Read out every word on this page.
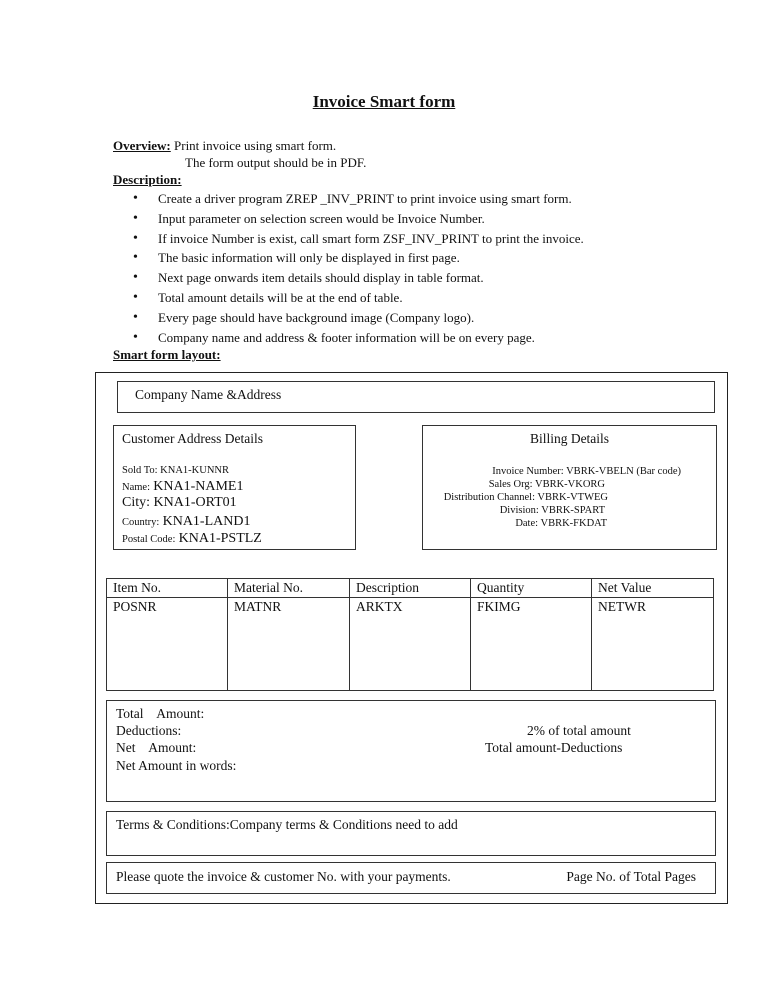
Invoice Smart form
Overview: Print invoice using smart form.
The form output should be in PDF.
Description:
• Create a driver program ZREP _INV_PRINT to print invoice using smart form.
• Input parameter on selection screen would be Invoice Number.
• If invoice Number is exist, call smart form ZSF_INV_PRINT to print the invoice.
• The basic information will only be displayed in first page.
• Next page onwards item details should display in table format.
• Total amount details will be at the end of table.
• Every page should have background image (Company logo).
• Company name and address & footer information will be on every page.
Smart form layout:
Company Name &Address
Customer Address Details
Sold To: KNA1-KUNNR
Name: KNA1-NAME1
City: KNA1-ORT01
Country: KNA1-LAND1
Postal Code: KNA1-PSTLZ
Billing Details
Invoice Number: VBRK-VBELN (Bar code)
Sales Org: VBRK-VKORG
Distribution Channel: VBRK-VTWEG
Division: VBRK-SPART
Date: VBRK-FKDAT
Item No.	Material No.	Description	Quantity	Net Value
POSNR	MATNR	ARKTX	FKIMG	NETWR
Total    Amount:
Deductions:	2% of total amount
Net    Amount:	Total amount-Deductions
Net Amount in words:
Terms & Conditions:Company terms & Conditions need to add
Please quote the invoice & customer No. with your payments.	Page No. of Total Pages
